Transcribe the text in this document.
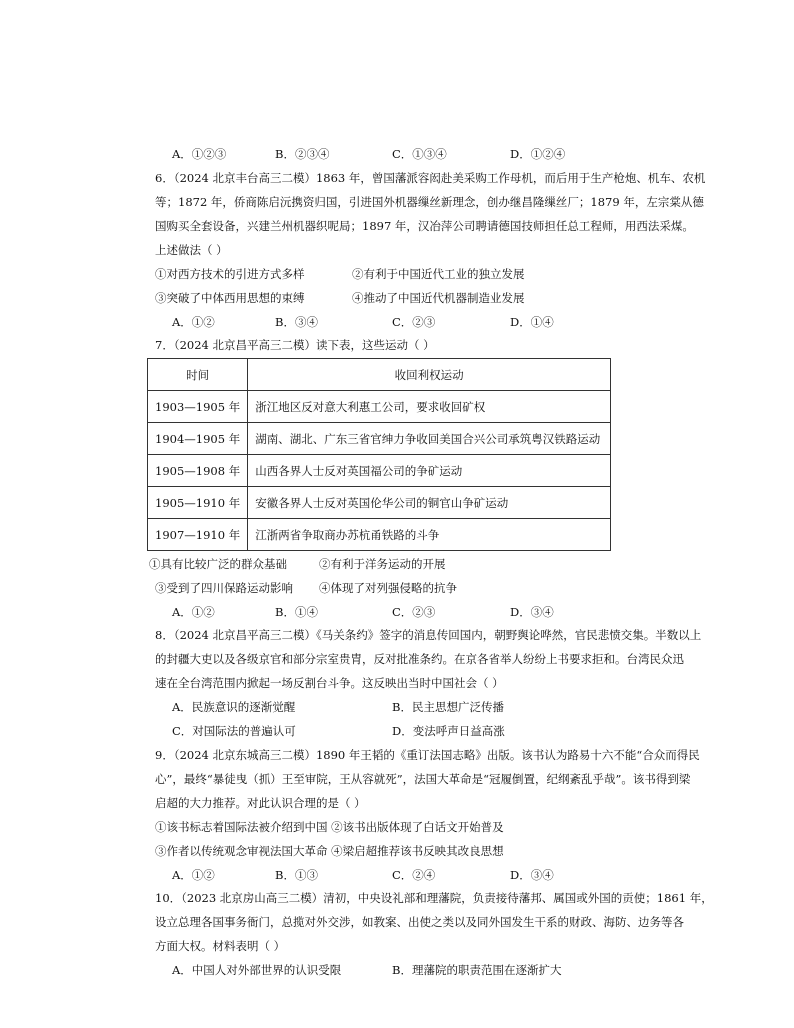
A．①②③	B．②③④	C．①③④	D．①②④
6．（2024 北京丰台高三二模）1863 年，曾国藩派容闳赴美采购工作母机，而后用于生产枪炮、机车、农机
等；1872 年，侨商陈启沅携资归国，引进国外机器缫丝新理念，创办继昌隆缫丝厂；1879 年，左宗棠从德
国购买全套设备，兴建兰州机器织呢局；1897 年，汉冶萍公司聘请德国技师担任总工程师，用西法采煤。
上述做法（ ）
①对西方技术的引进方式多样	②有利于中国近代工业的独立发展
③突破了中体西用思想的束缚	④推动了中国近代机器制造业发展
A．①②	B．③④	C．②③	D．①④
7．（2024 北京昌平高三二模）读下表，这些运动（ ）
时间	收回利权运动
1903—1905 年	浙江地区反对意大利惠工公司，要求收回矿权
1904—1905 年	湖南、湖北、广东三省官绅力争收回美国合兴公司承筑粤汉铁路运动
1905—1908 年	山西各界人士反对英国福公司的争矿运动
1905—1910 年	安徽各界人士反对英国伦华公司的铜官山争矿运动
1907—1910 年	江浙两省争取商办苏杭甬铁路的斗争
①具有比较广泛的群众基础	②有利于洋务运动的开展
③受到了四川保路运动影响 ④体现了对列强侵略的抗争
A．①②	B．①④	C．②③	D．③④
8．（2024 北京昌平高三二模）《马关条约》签字的消息传回国内，朝野舆论哗然，官民悲愤交集。半数以上
的封疆大吏以及各级京官和部分宗室贵胄，反对批准条约。在京各省举人纷纷上书要求拒和。台湾民众迅
速在全台湾范围内掀起一场反割台斗争。这反映出当时中国社会（ ）
A．民族意识的逐渐觉醒	B．民主思想广泛传播
C．对国际法的普遍认可	D．变法呼声日益高涨
9．（2024 北京东城高三二模）1890 年王韬的《重订法国志略》出版。该书认为路易十六不能“合众而得民
心”，最终“暴徒曳（抓）王至审院，王从容就死”，法国大革命是“冠履倒置，纪纲紊乱乎哉”。该书得到梁
启超的大力推荐。对此认识合理的是（ ）
①该书标志着国际法被介绍到中国 ②该书出版体现了白话文开始普及
③作者以传统观念审视法国大革命 ④梁启超推荐该书反映其改良思想
A．①②	B．①③	C．②④	D．③④
10．（2023 北京房山高三二模）清初，中央设礼部和理藩院，负责接待藩邦、属国或外国的贡使；1861 年，
设立总理各国事务衙门，总揽对外交涉，如教案、出使之类以及同外国发生干系的财政、海防、边务等各
方面大权。材料表明（ ）
A．中国人对外部世界的认识受限	B．理藩院的职责范围在逐渐扩大
